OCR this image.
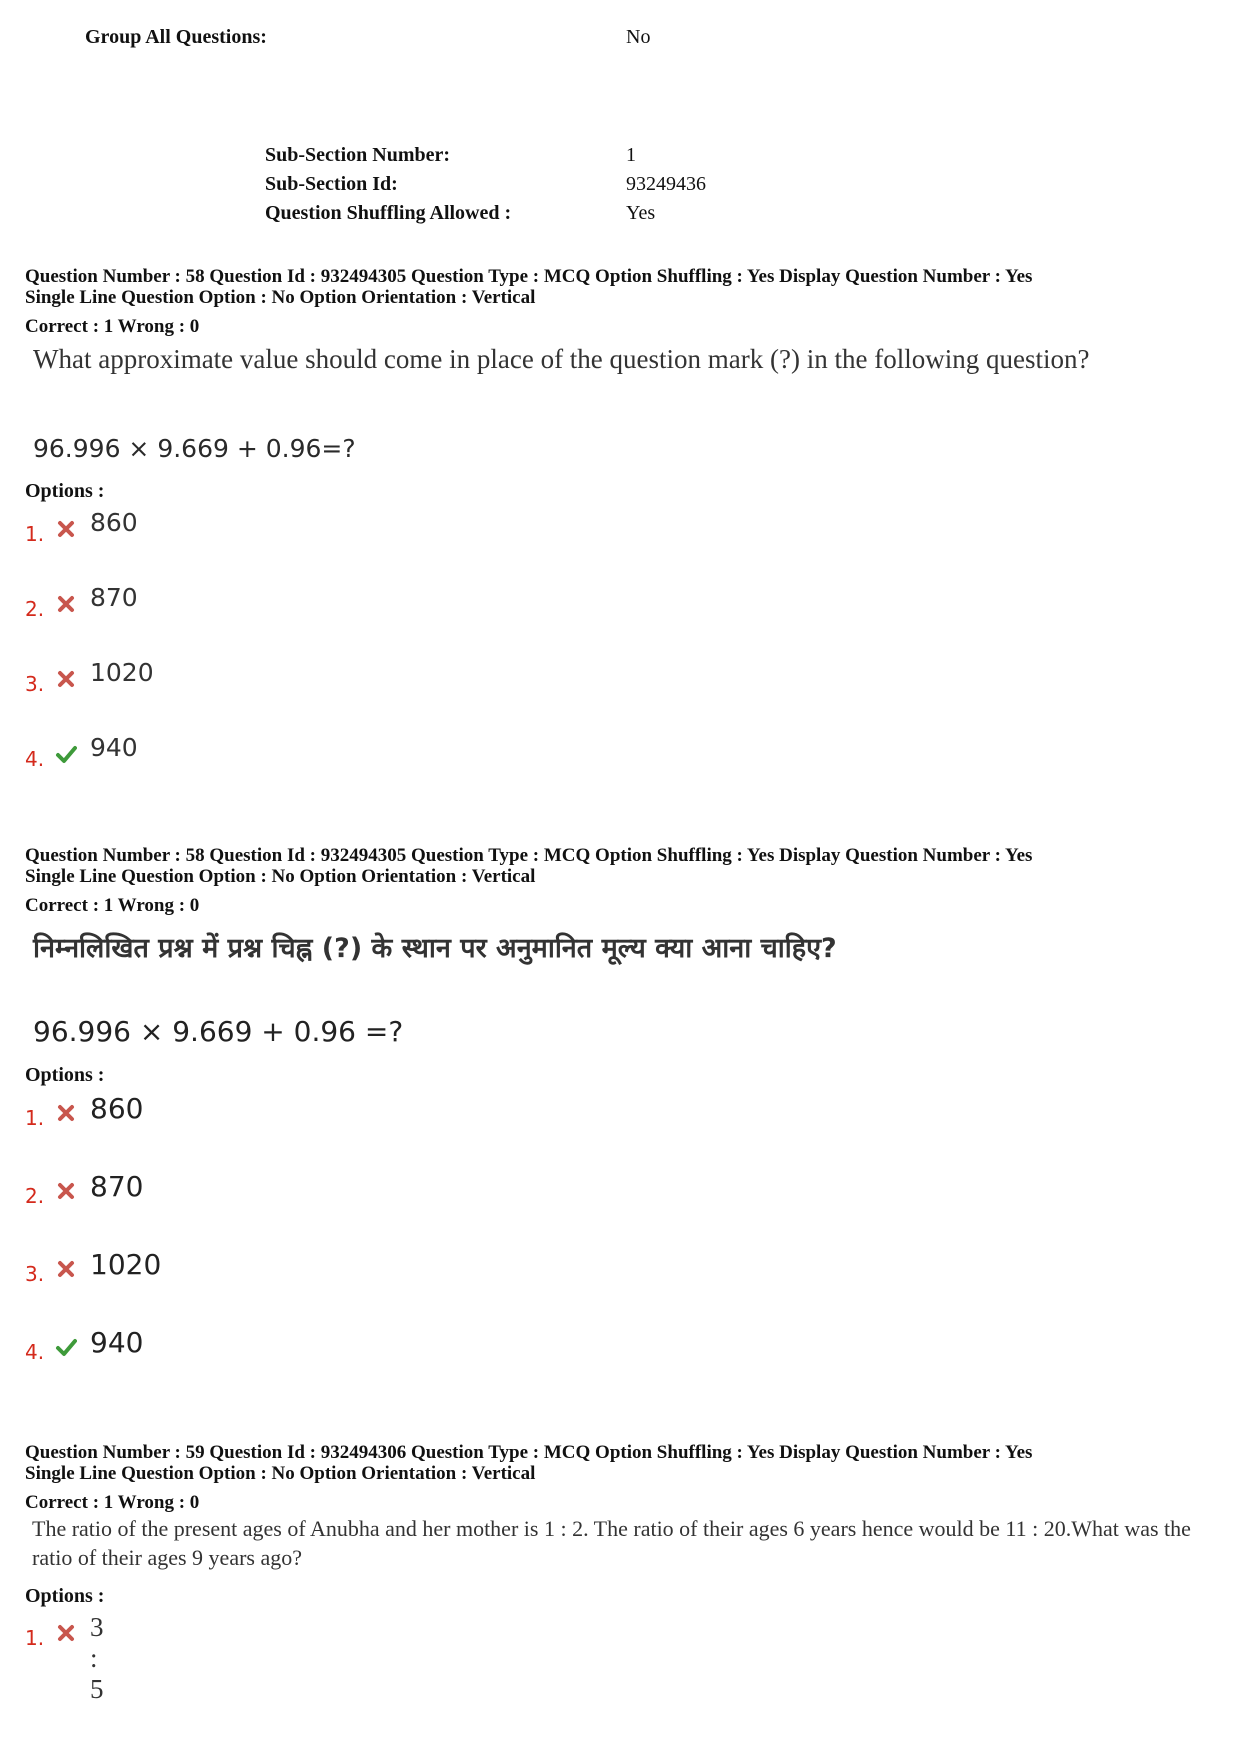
Group All Questions:	No
Sub-Section Number:	1
Sub-Section Id:	93249436
Question Shuffling Allowed :	Yes
Question Number : 58 Question Id : 932494305 Question Type : MCQ Option Shuffling : Yes Display Question Number : Yes
Single Line Question Option : No Option Orientation : Vertical
Correct : 1 Wrong : 0
What approximate value should come in place of the question mark (?) in the following question?
96.996 × 9.669 + 0.96=?
Options :
1. 860
2. 870
3. 1020
4. 940
Question Number : 58 Question Id : 932494305 Question Type : MCQ Option Shuffling : Yes Display Question Number : Yes
Single Line Question Option : No Option Orientation : Vertical
Correct : 1 Wrong : 0
निम्नलिखित प्रश्न में प्रश्न चिह्न (?) के स्थान पर अनुमानित मूल्य क्या आना चाहिए?
96.996 × 9.669 + 0.96 =?
Options :
1. 860
2. 870
3. 1020
4. 940
Question Number : 59 Question Id : 932494306 Question Type : MCQ Option Shuffling : Yes Display Question Number : Yes
Single Line Question Option : No Option Orientation : Vertical
Correct : 1 Wrong : 0
The ratio of the present ages of Anubha and her mother is 1 : 2. The ratio of their ages 6 years hence would be 11 : 20.What was the ratio of their ages 9 years ago?
Options :
1. 3 : 5
